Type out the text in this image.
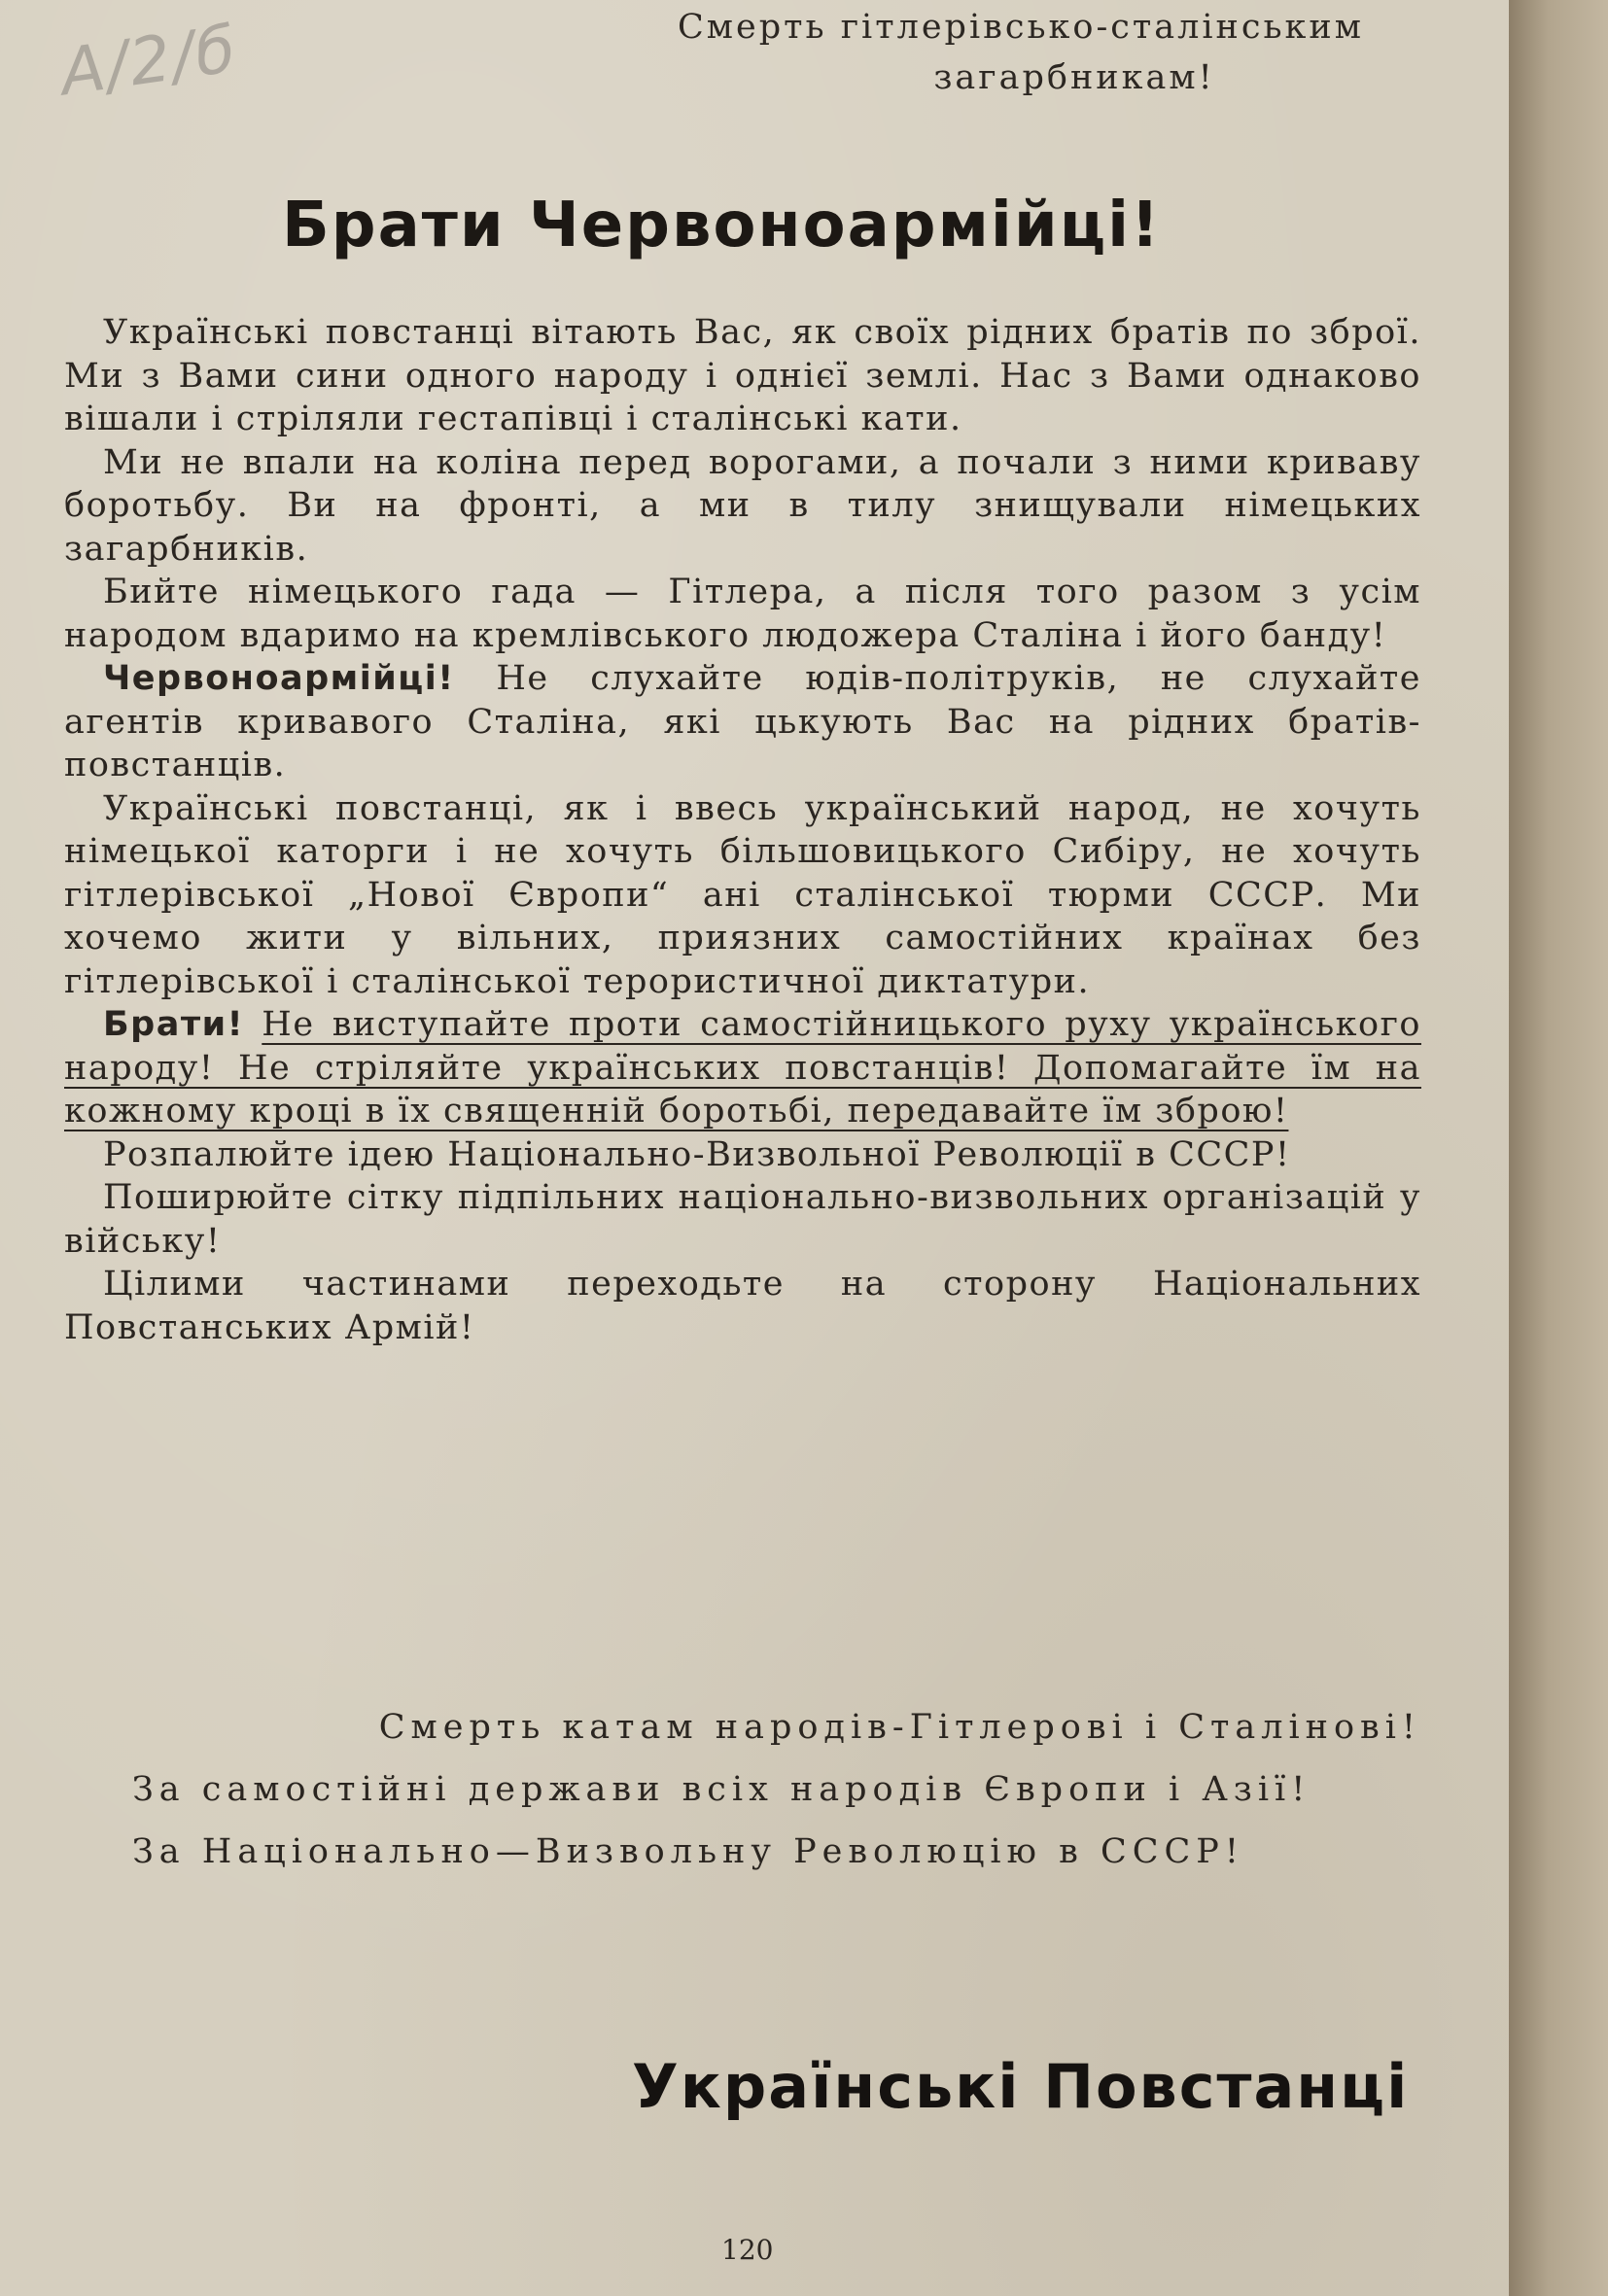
А/2/б	Смерть гітлерівсько-сталінським
загарбникам!
Брати Червоноармійці!

Українські повстанці вітають Вас, як своїх рідних братів по зброї. Ми з Вами сини одного народу і однієї землі. Нас з Вами однаково вішали і стріляли гестапівці і сталінські кати.

Ми не впали на коліна перед ворогами, а почали з ними криваву боротьбу. Ви на фронті, а ми в тилу знищували німецьких загарбників.

Бийте німецького гада — Гітлера, а після того разом з усім народом вдаримо на кремлівського людожера Сталіна і його банду!

Червоноармійці! Не слухайте юдів-політруків, не слухайте агентів кривавого Сталіна, які цькують Вас на рідних братів-повстанців.

Українські повстанці, як і ввесь український народ, не хочуть німецької каторги і не хочуть більшовицького Сибіру, не хочуть гітлерівської „Нової Європи“ ані сталінської тюрми СССР. Ми хочемо жити у вільних, приязних самостійних країнах без гітлерівської і сталінської терористичної диктатури.

Брати! Не виступайте проти самостійницького руху українського народу! Не стріляйте українських повстанців! Допомагайте їм на кожному кроці в їх священній боротьбі, передавайте їм зброю!

Розпалюйте ідею Національно-Визвольної Революції в СССР!

Поширюйте сітку підпільних національно-визвольних організацій у війську!

Цілими частинами переходьте на сторону Національних Повстанських Армій!

Смерть катам народів-Гітлерові і Сталінові!

За самостійні держави всіх народів Європи і Азії!

За Національно—Визвольну Революцію в СССР!

Українські Повстанці
120
